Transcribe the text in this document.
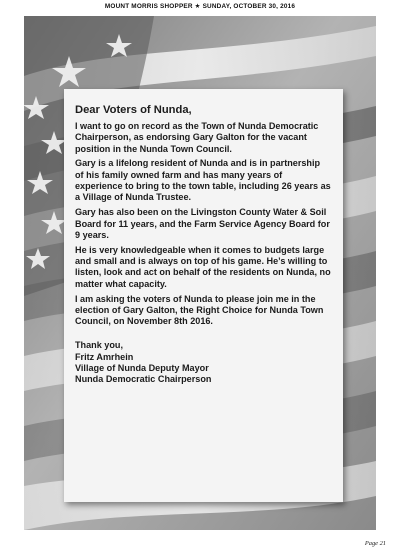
MOUNT MORRIS SHOPPER ★ SUNDAY, OCTOBER 30, 2016
Dear Voters of Nunda,

I want to go on record as the Town of Nunda Democratic Chairperson, as endorsing Gary Galton for the vacant position in the Nunda Town Council.

Gary is a lifelong resident of Nunda and is in partnership of his family owned farm and has many years of experience to bring to the town table, including 26 years as a Village of Nunda Trustee.

Gary has also been on the Livingston County Water & Soil Board for 11 years, and the Farm Service Agency Board for 9 years.

He is very knowledgeable when it comes to budgets large and small and is always on top of his game. He’s willing to listen, look and act on behalf of the residents on Nunda, no matter what capacity.

I am asking the voters of Nunda to please join me in the election of Gary Galton, the Right Choice for Nunda Town Council, on November 8th 2016.

Thank you,
Fritz Amrhein
Village of Nunda Deputy Mayor
Nunda Democratic Chairperson
Page 21
